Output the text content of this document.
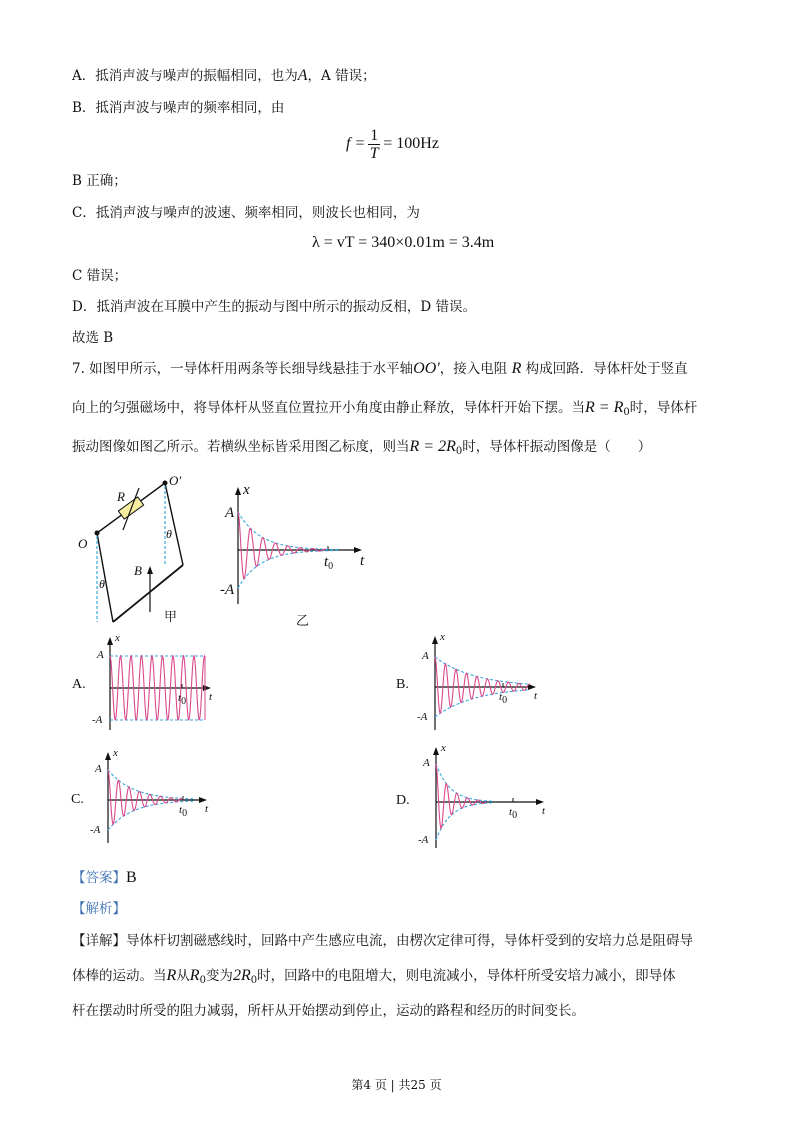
A．抵消声波与噪声的振幅相同，也为A，A 错误；
B．抵消声波与噪声的频率相同，由
$f = \frac{1}{T} = 100Hz$
B 正确；
C．抵消声波与噪声的波速、频率相同，则波长也相同，为
λ = vT = 340×0.01m = 3.4m
C 错误；
D．抵消声波在耳膜中产生的振动与图中所示的振动反相，D 错误。
故选 B
7. 如图甲所示，一导体杆用两条等长细导线悬挂于水平轴OO′，接入电阻 R 构成回路．导体杆处于竖直
向上的匀强磁场中，将导体杆从竖直位置拉开小角度由静止释放，导体杆开始下摆。当$R = R_0$时，导体杆
振动图像如图乙所示。若横纵坐标皆采用图乙标度，则当$R = 2R_0$时，导体杆振动图像是（　　）
O
O′
R
θ
θ
B
甲	乙
x
A
-A
t
$t_0$
x
A
-A
t
t0
x
A
-A
t
t0
x
A
-A
t
t0
x
A
-A
t
t0
A.	B.
C.	D.
【答案】B
【解析】
【详解】导体杆切割磁感线时，回路中产生感应电流，由楞次定律可得，导体杆受到的安培力总是阻碍导
体棒的运动。当R从$R_0$变为$2R_0$时，回路中的电阻增大，则电流减小，导体杆所受安培力减小，即导体
杆在摆动时所受的阻力减弱，所杆从开始摆动到停止，运动的路程和经历的时间变长。
第4 页 | 共25 页
